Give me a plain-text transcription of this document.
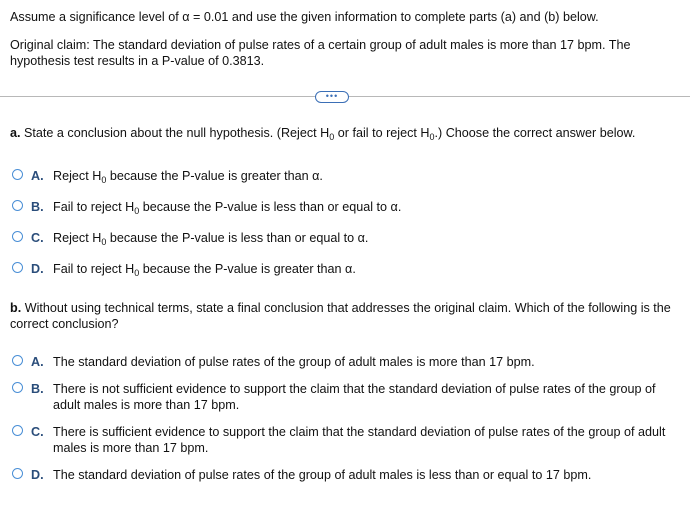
Assume a significance level of α = 0.01 and use the given information to complete parts (a) and (b) below.
Original claim: The standard deviation of pulse rates of a certain group of adult males is more than 17 bpm. The hypothesis test results in a P-value of 0.3813.
•••
a. State a conclusion about the null hypothesis. (Reject $H_0$ or fail to reject $H_0$.) Choose the correct answer below.
A. Reject $H_0$ because the P-value is greater than α.
B. Fail to reject $H_0$ because the P-value is less than or equal to α.
C. Reject $H_0$ because the P-value is less than or equal to α.
D. Fail to reject $H_0$ because the P-value is greater than α.
b. Without using technical terms, state a final conclusion that addresses the original claim. Which of the following is the correct conclusion?
A. The standard deviation of pulse rates of the group of adult males is more than 17 bpm.
B. There is not sufficient evidence to support the claim that the standard deviation of pulse rates of the group of adult males is more than 17 bpm.
C. There is sufficient evidence to support the claim that the standard deviation of pulse rates of the group of adult males is more than 17 bpm.
D. The standard deviation of pulse rates of the group of adult males is less than or equal to 17 bpm.
